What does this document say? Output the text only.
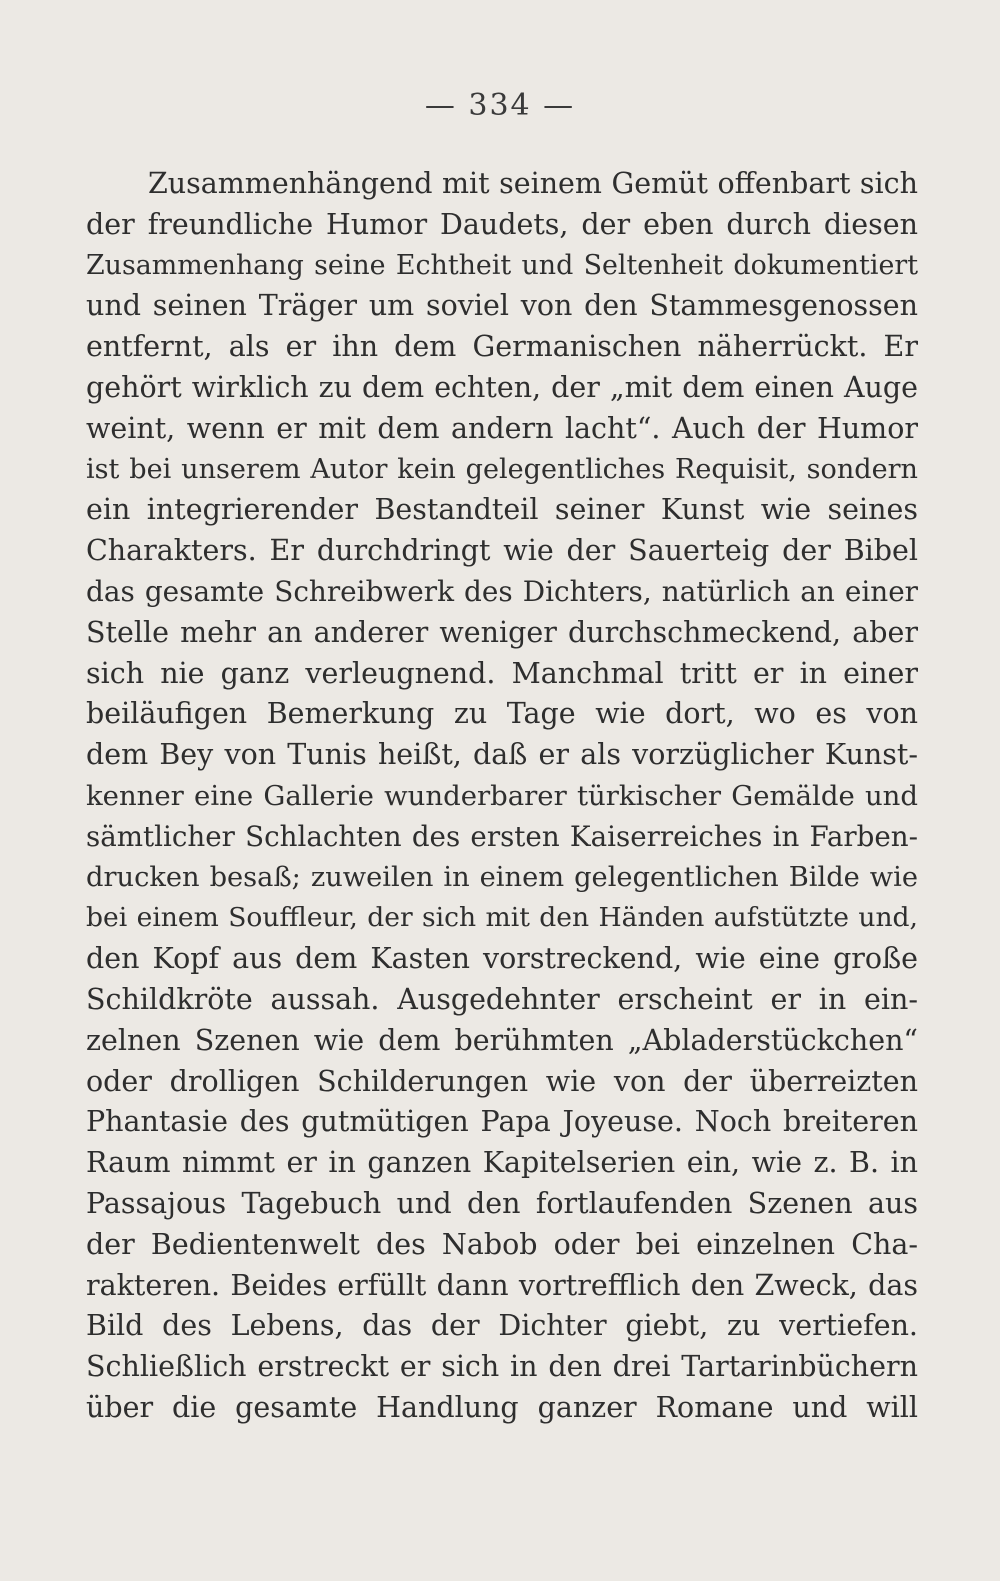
— 334 —
Zusammenhängend mit seinem Gemüt offenbart sich
der freundliche Humor Daudets, der eben durch diesen
Zusammenhang seine Echtheit und Seltenheit dokumentiert
und seinen Träger um soviel von den Stammesgenossen
entfernt, als er ihn dem Germanischen näherrückt. Er
gehört wirklich zu dem echten, der „mit dem einen Auge
weint, wenn er mit dem andern lacht“. Auch der Humor
ist bei unserem Autor kein gelegentliches Requisit, sondern
ein integrierender Bestandteil seiner Kunst wie seines
Charakters. Er durchdringt wie der Sauerteig der Bibel
das gesamte Schreibwerk des Dichters, natürlich an einer
Stelle mehr an anderer weniger durchschmeckend, aber
sich nie ganz verleugnend. Manchmal tritt er in einer
beiläufigen Bemerkung zu Tage wie dort, wo es von
dem Bey von Tunis heißt, daß er als vorzüglicher Kunst-
kenner eine Gallerie wunderbarer türkischer Gemälde und
sämtlicher Schlachten des ersten Kaiserreiches in Farben-
drucken besaß; zuweilen in einem gelegentlichen Bilde wie
bei einem Souffleur, der sich mit den Händen aufstützte und,
den Kopf aus dem Kasten vorstreckend, wie eine große
Schildkröte aussah. Ausgedehnter erscheint er in ein-
zelnen Szenen wie dem berühmten „Abladerstückchen“
oder drolligen Schilderungen wie von der überreizten
Phantasie des gutmütigen Papa Joyeuse. Noch breiteren
Raum nimmt er in ganzen Kapitelserien ein, wie z. B. in
Passajous Tagebuch und den fortlaufenden Szenen aus
der Bedientenwelt des Nabob oder bei einzelnen Cha-
rakteren. Beides erfüllt dann vortrefflich den Zweck, das
Bild des Lebens, das der Dichter giebt, zu vertiefen.
Schließlich erstreckt er sich in den drei Tartarinbüchern
über die gesamte Handlung ganzer Romane und will
